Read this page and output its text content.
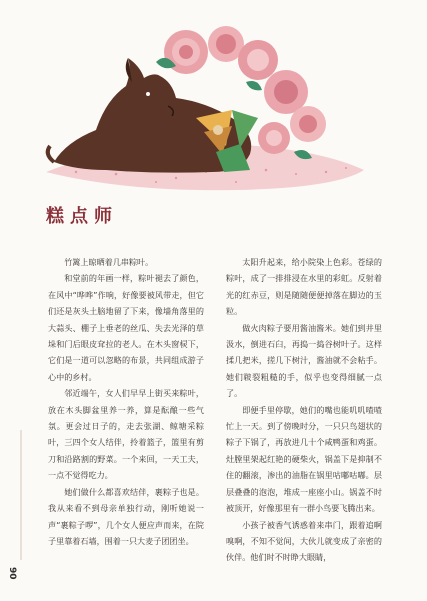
糕点师

竹篱上晾晒着几串粽叶。

和堂前的年画一样，粽叶褪去了颜色，在风中“哗哗”作响，好像要被风带走，但它们还是灰头土脑地留了下来，像墙角落里的大蒜头、棚子上垂老的丝瓜、失去光泽的草垛和门后眼皮耷拉的老人。在木头窗棂下，它们是一道可以忽略的布景，共同组成游子心中的乡村。

邻近端午，女人们早早上街买来粽叶，放在木头脚盆里养一养，算是酝酿一些气氛。更会过日子的，走去张湖、鲸塘采粽叶，三四个女人结伴，拎着篮子，篮里有剪刀和沿路割的野菜。一个来回，一天工夫，一点不觉得吃力。

她们做什么都喜欢结伴，裹粽子也是。我从来看不到母亲单独行动，刚听她说一声“裹粽子啰”，几个女人便应声而来，在院子里靠着石墙，围着一只大麦子团团坐。

太阳升起来，给小院染上色彩。苍绿的粽叶，成了一排排浸在水里的彩虹。反射着光的红赤豆，则是随随便便掉落在脚边的玉粒。

做火肉粽子要用酱油酱米。她们到井里汲水，倒进石臼，再捣一捣谷树叶子。这样揉几把米，搓几下树汁，酱油就不会粘手。她们皲裂粗糙的手，似乎也变得细腻一点了。

即便手里停歇，她们的嘴也能叽叽喳喳忙上一天。到了傍晚时分，一只只鸟翅状的粽子下锅了，再放进几十个咸鸭蛋和鸡蛋。灶膛里架起红艳的硬柴火，锅盖下是抑制不住的翻滚，渗出的油脂在锅里咕嘟咕嘟。层层叠叠的泡泡，堆成一座座小山。锅盖不时被顶开，好像那里有一群小鸟要飞腾出来。

小孩子被香气诱惑着来串门，跟着追啊嗅啊，不知不觉间，大伙儿就变成了亲密的伙伴。他们时不时睁大眼睛，

90
